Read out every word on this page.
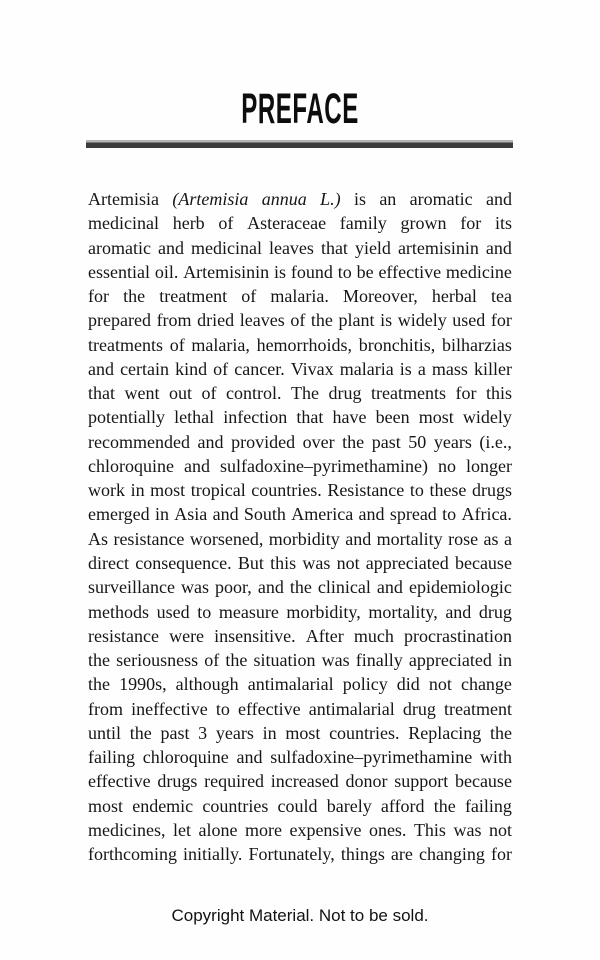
PREFACE
Artemisia (Artemisia annua L.) is an aromatic and
medicinal herb of Asteraceae family grown for its
aromatic and medicinal leaves that yield artemisinin and
essential oil. Artemisinin is found to be effective medicine
for the treatment of malaria. Moreover, herbal tea
prepared from dried leaves of the plant is widely used for
treatments of malaria, hemorrhoids, bronchitis, bilharzias
and certain kind of cancer. Vivax malaria is a mass killer
that went out of control. The drug treatments for this
potentially lethal infection that have been most widely
recommended and provided over the past 50 years (i.e.,
chloroquine and sulfadoxine–pyrimethamine) no longer
work in most tropical countries. Resistance to these drugs
emerged in Asia and South America and spread to Africa.
As resistance worsened, morbidity and mortality rose as a
direct consequence. But this was not appreciated because
surveillance was poor, and the clinical and epidemiologic
methods used to measure morbidity, mortality, and drug
resistance were insensitive. After much procrastination
the seriousness of the situation was finally appreciated in
the 1990s, although antimalarial policy did not change
from ineffective to effective antimalarial drug treatment
until the past 3 years in most countries. Replacing the
failing chloroquine and sulfadoxine–pyrimethamine with
effective drugs required increased donor support because
most endemic countries could barely afford the failing
medicines, let alone more expensive ones. This was not
forthcoming initially. Fortunately, things are changing for
Copyright Material. Not to be sold.
